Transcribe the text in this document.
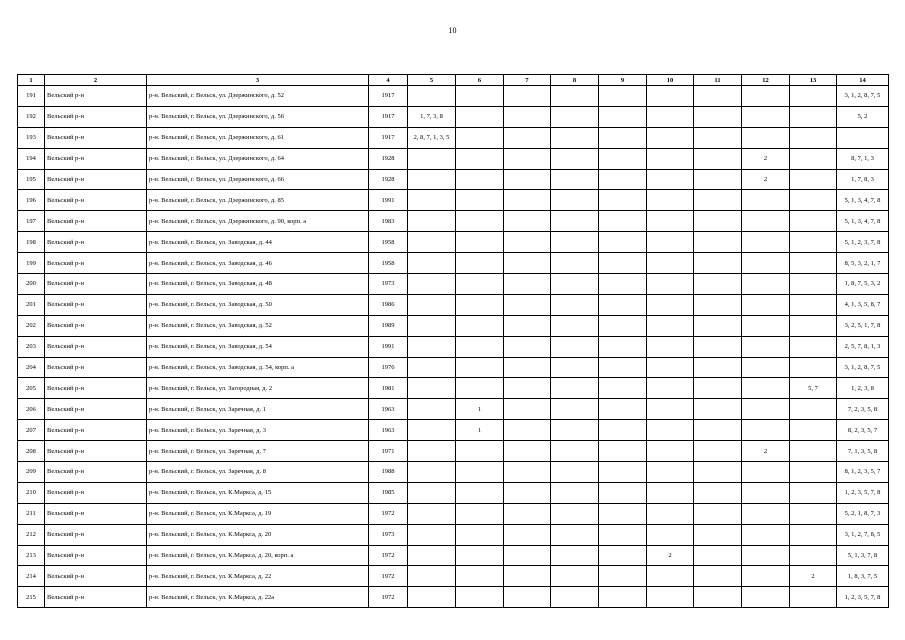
10
1	2	3	4	5	6	7	8	9	10	11	12	13	14
191	Вельский р-н	р-н. Вельский, г. Вельск, ул. Дзержинского, д. 52	1917										3, 1, 2, 8, 7, 5
192	Вельский р-н	р-н. Вельский, г. Вельск, ул. Дзержинского, д. 56	1917	1, 7, 3, 8									5, 2
193	Вельский р-н	р-н. Вельский, г. Вельск, ул. Дзержинского, д. 61	1917	2, 8, 7, 1, 3, 5									
194	Вельский р-н	р-н. Вельский, г. Вельск, ул. Дзержинского, д. 64	1928								2		8, 7, 1, 3
195	Вельский р-н	р-н. Вельский, г. Вельск, ул. Дзержинского, д. 66	1928								2		1, 7, 8, 3
196	Вельский р-н	р-н. Вельский, г. Вельск, ул. Дзержинского, д. 85	1991										5, 1, 3, 4, 7, 8
197	Вельский р-н	р-н. Вельский, г. Вельск, ул. Дзержинского, д. 90, корп. а	1983										5, 1, 3, 4, 7, 8
198	Вельский р-н	р-н. Вельский, г. Вельск, ул. Заводская, д. 44	1958										5, 1, 2, 3, 7, 8
199	Вельский р-н	р-н. Вельский, г. Вельск, ул. Заводская, д. 46	1958										8, 5, 3, 2, 1, 7
200	Вельский р-н	р-н. Вельский, г. Вельск, ул. Заводская, д. 48	1973										1, 8, 7, 5, 3, 2
201	Вельский р-н	р-н. Вельский, г. Вельск, ул. Заводская, д. 50	1986										4, 1, 3, 5, 8, 7
202	Вельский р-н	р-н. Вельский, г. Вельск, ул. Заводская, д. 52	1989										3, 2, 5, 1, 7, 8
203	Вельский р-н	р-н. Вельский, г. Вельск, ул. Заводская, д. 54	1991										2, 5, 7, 8, 1, 3
204	Вельский р-н	р-н. Вельский, г. Вельск, ул. Заводская, д. 54, корп. а	1976										3, 1, 2, 8, 7, 5
205	Вельский р-н	р-н. Вельский, г. Вельск, ул. Загородная, д. 2	1981									5, 7	1, 2, 3, 8
206	Вельский р-н	р-н. Вельский, г. Вельск, ул. Заречная, д. 1	1963		1								7, 2, 3, 5, 8
207	Вельский р-н	р-н. Вельский, г. Вельск, ул. Заречная, д. 3	1963		1								8, 2, 3, 5, 7
208	Вельский р-н	р-н. Вельский, г. Вельск, ул. Заречная, д. 7	1971								2		7, 1, 3, 5, 8
209	Вельский р-н	р-н. Вельский, г. Вельск, ул. Заречная, д. 8	1988										8, 1, 2, 3, 5, 7
210	Вельский р-н	р-н. Вельский, г. Вельск, ул. К.Маркса, д. 15	1985										1, 2, 3, 5, 7, 8
211	Вельский р-н	р-н. Вельский, г. Вельск, ул. К.Маркса, д. 19	1972										5, 2, 1, 8, 7, 3
212	Вельский р-н	р-н. Вельский, г. Вельск, ул. К.Маркса, д. 20	1973										3, 1, 2, 7, 8, 5
213	Вельский р-н	р-н. Вельский, г. Вельск, ул. К.Маркса, д. 20, корп. а	1972						2				5, 1, 3, 7, 8
214	Вельский р-н	р-н. Вельский, г. Вельск, ул. К.Маркса, д. 22	1972									2	1, 8, 3, 7, 5
215	Вельский р-н	р-н. Вельский, г. Вельск, ул. К.Маркса, д. 22а	1972										1, 2, 3, 5, 7, 8
